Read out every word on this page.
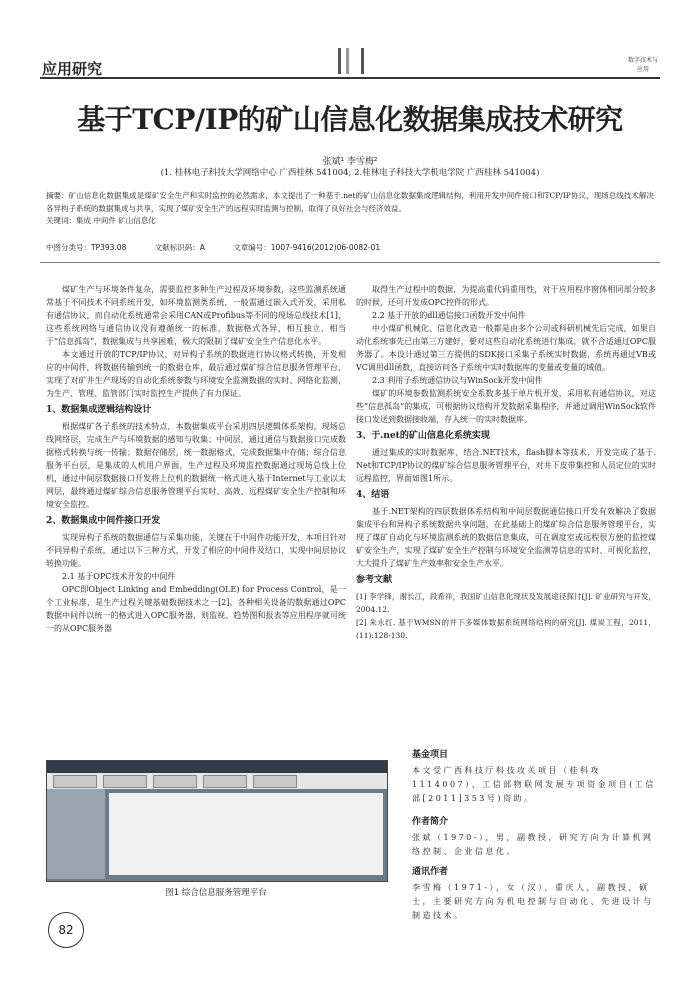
应用研究	数字技术与应用
基于TCP/IP的矿山信息化数据集成技术研究
张斌¹ 李雪梅²
(1. 桂林电子科技大学网络中心 广西桂林 541004; 2.桂林电子科技大学机电学院 广西桂林 541004)
摘要：矿山信息化数据集成是煤矿安全生产和实时监控的必然需求，本文提出了一种基于.net的矿山信息化数据集成逻辑结构，利用开发中间件接口和TCP/IP协议，现场总线技术解决各异构子系统的数据集成与共享，实现了煤矿安全生产的远程实时监测与控制，取得了良好社会与经济效益。
关键词：集成 中间件 矿山信息化
中图分类号：TP393.08	文献标识码：A	文章编号：1007-9416(2012)06-0082-01

煤矿生产与环境条件复杂，需要监控多种生产过程及环境参数，这些监测系统通常基于不同技术不同系统开发，如环境监测类系统，一般需通过嵌入式开发，采用私有通信协议，而自动化系统通常会采用CAN或Profibus等不同的现场总线技术[1]，这些系统网络与通信协议没有遵循统一的标准，数据格式各异，相互独立，相当于“信息孤岛”，数据集成与共享困难，极大的限制了煤矿安全生产信息化水平。

本文通过开放的TCP/IP协议，对异构子系统的数据进行协议格式转换，开发相应的中间件，将数据传输到统一的数据仓库，最后通过煤矿综合信息服务管理平台，实现了对矿井生产现场的自动化系统参数与环境安全监测数据的实时、网络化监测，为生产、管理、监管部门实时监控生产提供了有力保证。

1、数据集成逻辑结构设计

根据煤矿各子系统的技术特点，本数据集成平台采用四层逻辑体系架构，现场总线网络层，完成生产与环境数据的感知与收集；中间层，通过通信与数据接口完成数据格式转换与统一传输；数据存储层，统一数据格式，完成数据集中存储；综合信息服务平台层，是集成的人机用户界面，生产过程及环境监控数据通过现场总线上位机，通过中间层数据接口开发将上位机的数据统一格式进入基于Internet与工业以太网层，最终通过煤矿综合信息服务管理平台实时、高效、远程煤矿安全生产控制和环境安全监控。

2、数据集成中间件接口开发

实现异构子系统的数据通信与采集功能，关键在于中间件功能开发，本项目针对不同异构子系统，通过以下三种方式，开发了相应的中间件及结口，实现中间层协议转换功能。

2.1 基于OPC技术开发的中间件

OPC即Object Linking and Embedding(OLE) for Process Control，是一个工业标准，是生产过程关键基础数据技术之一[2]，各种相关设备的数据通过OPC数据中间件以统一的格式进入OPC服务器，则监视、趋势图和报表等应用程序就可统一的从OPC服务器

取得生产过程中的数据，为提高重代码重用性，对于应用程序窗体相同部分较多的时候，还可开发成OPC控件的形式。

2.2 基于开放的dll通信接口函数开发中间件

中小煤矿机械化、信息化改造一般都是由多个公司或科研机械先后完成，如果自动化系统事先已由第三方建好，要对这些自动化系统进行集成，就不合适通过OPC服务器了。本设计通过第三方提供的SDK接口采集子系统实时数据，系统再通过VB或VC调用dll函数，直接访问各子系统中实时数据库的变量或变量的域值。

2.3 利用子系统通信协议与WinSock开发中间件

煤矿的环境参数监测系统安全系数多基于单片机开发，采用私有通信协议，对这些“信息孤岛”的集成，可根据协议结构开发数据采集程序，并通过调用WinSock软件接口发送到数据接收端，存入统一的实时数据库。

3、于.net的矿山信息化系统实现

通过集成的实时数据库，结合.NET技术，flash脚本等技术，开发完成了基于. Net和TCP/IP协议的煤矿综合信息服务管理平台，对井下皮带集控和人员定位的实时远程监控，界面如图1所示。

4、结语

基于.NET架构的四层数据体系结构和中间层数据通信接口开发有效解决了数据集成平台和异构子系统数据共享问题，在此基础上的煤矿综合信息服务管理平台，实现了煤矿自动化与环境监测系统的数据信息集成，可在调度室或远程很方便的监控煤矿安全生产，实现了煤矿安全生产控制与环境安全监测等信息的实时、可视化监控，大大提升了煤矿生产效率和安全生产水平。

参考文献

[1] 李学锋，谢长江，段希祥，我国矿山信息化现状及发展途径探讨[J]. 矿业研究与开发，2004.12.

[2] 朱永红. 基于WMSN的井下多媒体数据系统网络结构的研究[J]. 煤炭工程，2011，(11):128-130.

图1 综合信息服务管理平台
基金项目

本文受广西科技厅科技攻关项目（桂科攻1114007）、工信部物联网发展专项资金项目(工信部[2011]353号)资助。

作者简介

张斌（1970-），男，副教授，研究方向为计算机网络控制、企业信息化。

通讯作者

李雪梅（1971-），女（汉），重庆人，副教授，硕士，主要研究方向为机电控制与自动化、先进设计与制造技术。

82
